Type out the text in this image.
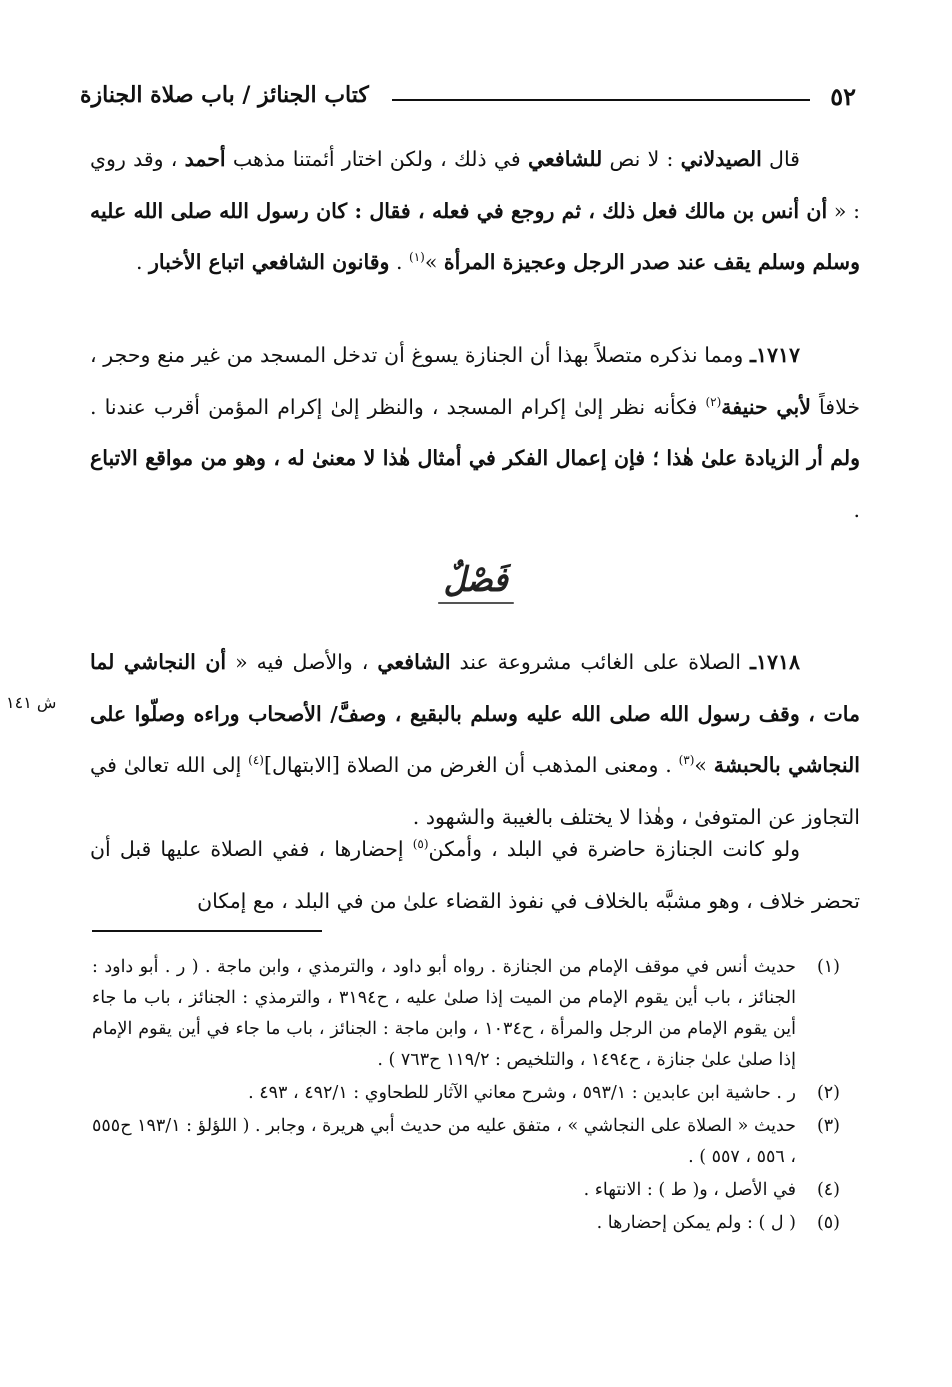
٥٢
كتاب الجنائز / باب صلاة الجنازة
قال الصيدلاني : لا نص للشافعي في ذلك ، ولكن اختار أئمتنا مذهب أحمد ، وقد روي : « أن أنس بن مالك فعل ذلك ، ثم روجع في فعله ، فقال : كان رسول الله صلى الله عليه وسلم وسلم يقف عند صدر الرجل وعجيزة المرأة »$^{(١)}$ . وقانون الشافعي اتباع الأخبار .
١٧١٧ـ ومما نذكره متصلاً بهذا أن الجنازة يسوغ أن تدخل المسجد من غير منع وحجر ، خلافاً لأبي حنيفة$^{(٢)}$ فكأنه نظر إلىٰ إكرام المسجد ، والنظر إلىٰ إكرام المؤمن أقرب عندنا . ولم أر الزيادة علىٰ هٰذا ؛ فإن إعمال الفكر في أمثال هٰذا لا معنىٰ له ، وهو من مواقع الاتباع .
فَصْلٌ
١٧١٨ـ الصلاة على الغائب مشروعة عند الشافعي ، والأصل فيه « أن النجاشي لما مات ، وقف رسول الله صلى الله عليه وسلم بالبقيع ، وصفَّ/ الأصحاب وراءه وصلّوا على النجاشي بالحبشة »$^{(٣)}$ . ومعنى المذهب أن الغرض من الصلاة [الابتهال]$^{(٤)}$ إلى الله تعالىٰ في التجاوز عن المتوفىٰ ، وهٰذا لا يختلف بالغيبة والشهود .
ش ١٤١
ولو كانت الجنازة حاضرة في البلد ، وأمكن$^{(٥)}$ إحضارها ، ففي الصلاة عليها قبل أن تحضر خلاف ، وهو مشبَّه بالخلاف في نفوذ القضاء علىٰ من في البلد ، مع إمكان
(١)
حديث أنس في موقف الإمام من الجنازة . رواه أبو داود ، والترمذي ، وابن ماجة . ( ر . أبو داود : الجنائز ، باب أين يقوم الإمام من الميت إذا صلىٰ عليه ، ح٣١٩٤ ، والترمذي : الجنائز ، باب ما جاء أين يقوم الإمام من الرجل والمرأة ، ح١٠٣٤ ، وابن ماجة : الجنائز ، باب ما جاء في أين يقوم الإمام إذا صلىٰ علىٰ جنازة ، ح١٤٩٤ ، والتلخيص : ١١٩/٢ ح٧٦٣ ) .
(٢)
ر . حاشية ابن عابدين : ٥٩٣/١ ، وشرح معاني الآثار للطحاوي : ٤٩٢/١ ، ٤٩٣ .
(٣)
حديث « الصلاة على النجاشي » ، متفق عليه من حديث أبي هريرة ، وجابر . ( اللؤلؤ : ١٩٣/١ ح٥٥٥ ، ٥٥٦ ، ٥٥٧ ) .
(٤)
في الأصل ، و( ط ) : الانتهاء .
(٥)
( ل ) : ولم يمكن إحضارها .
